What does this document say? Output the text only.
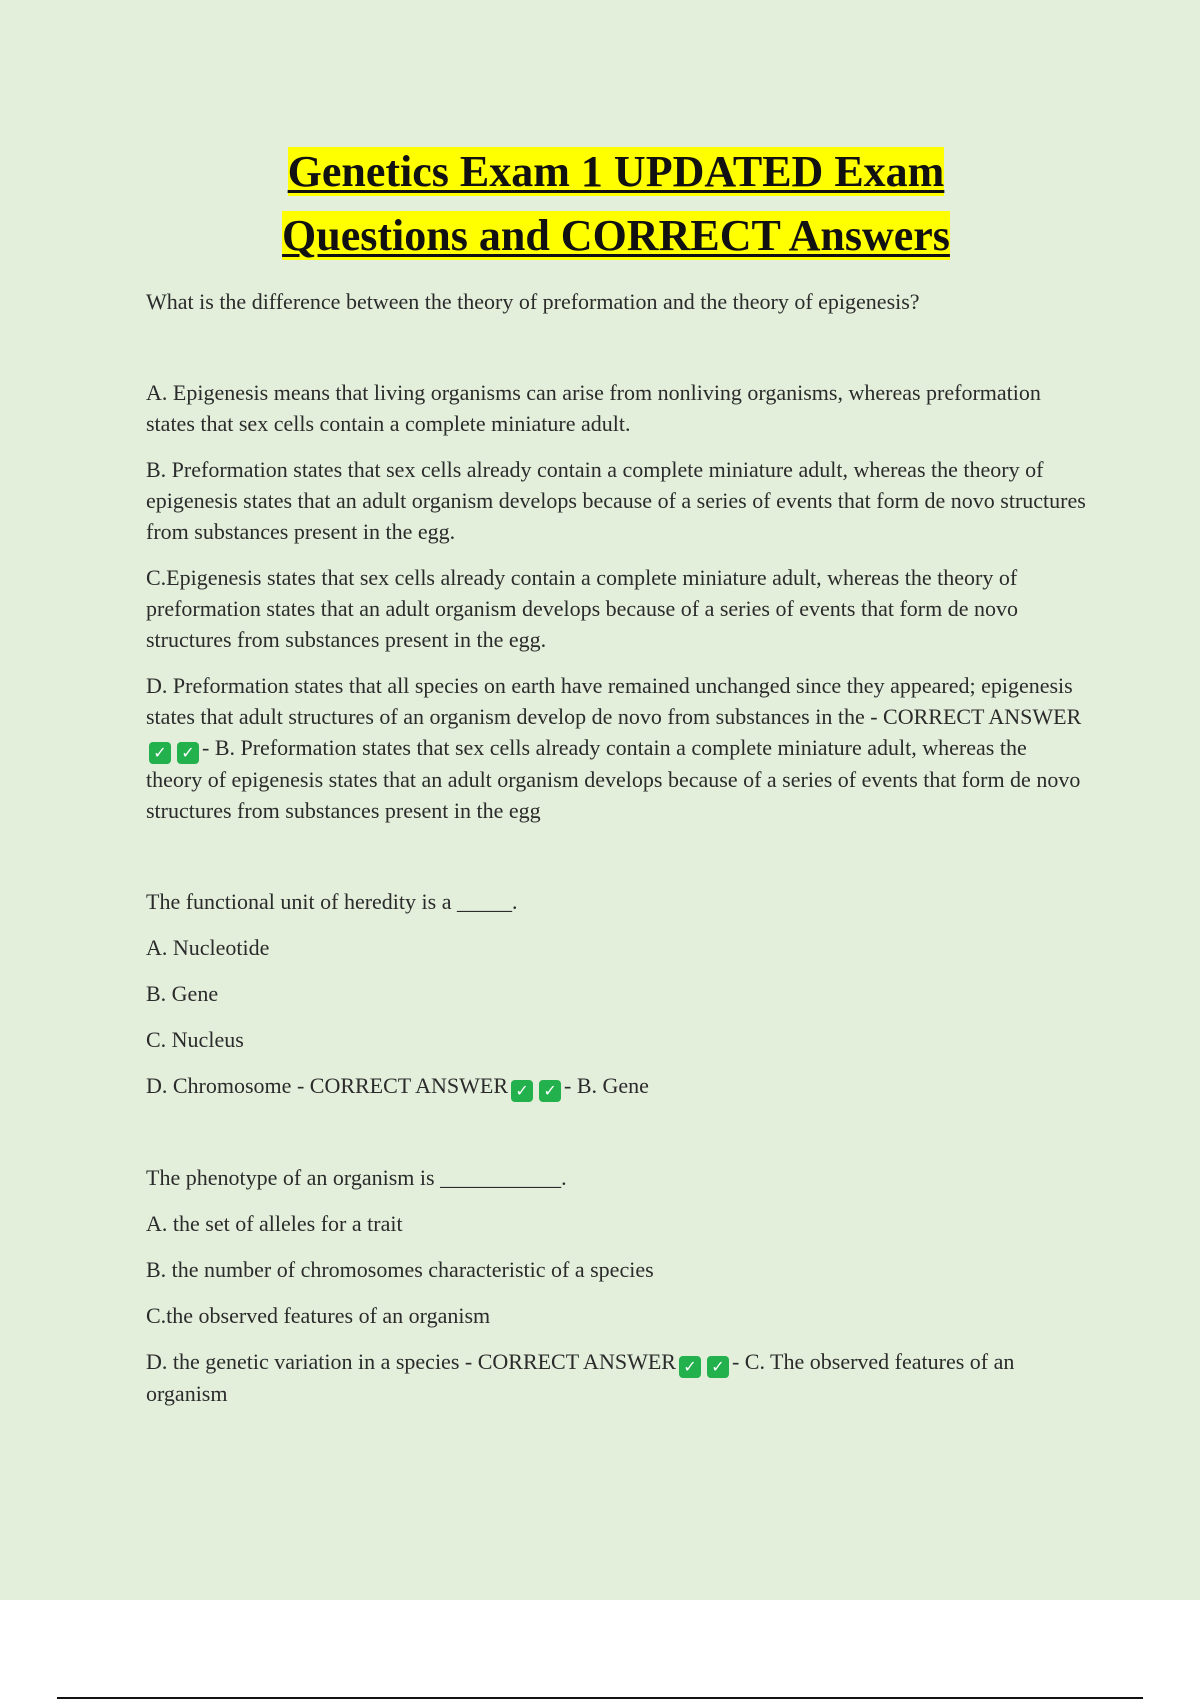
Genetics Exam 1 UPDATED Exam
Questions and CORRECT Answers
What is the difference between the theory of preformation and the theory of epigenesis?
A. Epigenesis means that living organisms can arise from nonliving organisms, whereas preformation states that sex cells contain a complete miniature adult.
B. Preformation states that sex cells already contain a complete miniature adult, whereas the theory of epigenesis states that an adult organism develops because of a series of events that form de novo structures from substances present in the egg.
C.Epigenesis states that sex cells already contain a complete miniature adult, whereas the theory of preformation states that an adult organism develops because of a series of events that form de novo structures from substances present in the egg.
D. Preformation states that all species on earth have remained unchanged since they appeared; epigenesis states that adult structures of an organism develop de novo from substances in the - CORRECT ANSWER✓ ✓ - B. Preformation states that sex cells already contain a complete miniature adult, whereas the theory of epigenesis states that an adult organism develops because of a series of events that form de novo structures from substances present in the egg
The functional unit of heredity is a _____.
A. Nucleotide
B. Gene
C. Nucleus
D. Chromosome - CORRECT ANSWER ✓ ✓ - B. Gene
The phenotype of an organism is ___________.
A. the set of alleles for a trait
B. the number of chromosomes characteristic of a species
C.the observed features of an organism
D. the genetic variation in a species - CORRECT ANSWER ✓ ✓ - C. The observed features of an organism
